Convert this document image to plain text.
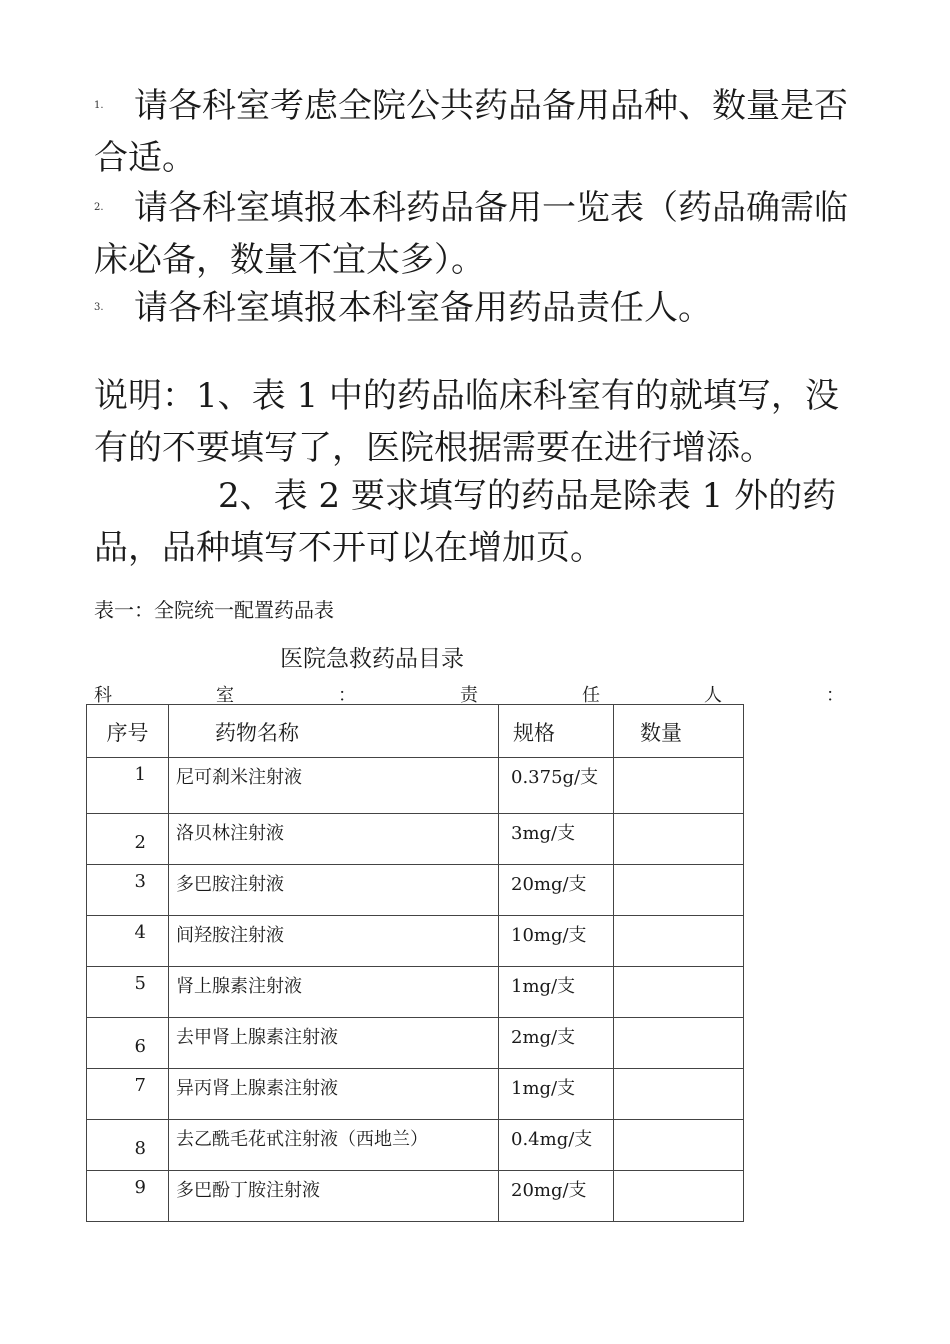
1. 请各科室考虑全院公共药品备用品种、数量是否合适。
2. 请各科室填报本科药品备用一览表（药品确需临床必备，数量不宜太多）。
3. 请各科室填报本科室备用药品责任人。
说明：1、表 1 中的药品临床科室有的就填写，没有的不要填写了，医院根据需要在进行增添。
2、表 2 要求填写的药品是除表 1 外的药品，品种填写不开可以在增加页。
表一：全院统一配置药品表
医院急救药品目录
科	室	：	责	任	人	：
序号	药物名称	规格	数量

1	尼可刹米注射液	0.375g/支	

2	洛贝林注射液	3mg/支	

3	多巴胺注射液	20mg/支	

4	间羟胺注射液	10mg/支	

5	肾上腺素注射液	1mg/支	

6	去甲肾上腺素注射液	2mg/支	

7	异丙肾上腺素注射液	1mg/支	

8	去乙酰毛花甙注射液（西地兰）	0.4mg/支	

9	多巴酚丁胺注射液	20mg/支	
